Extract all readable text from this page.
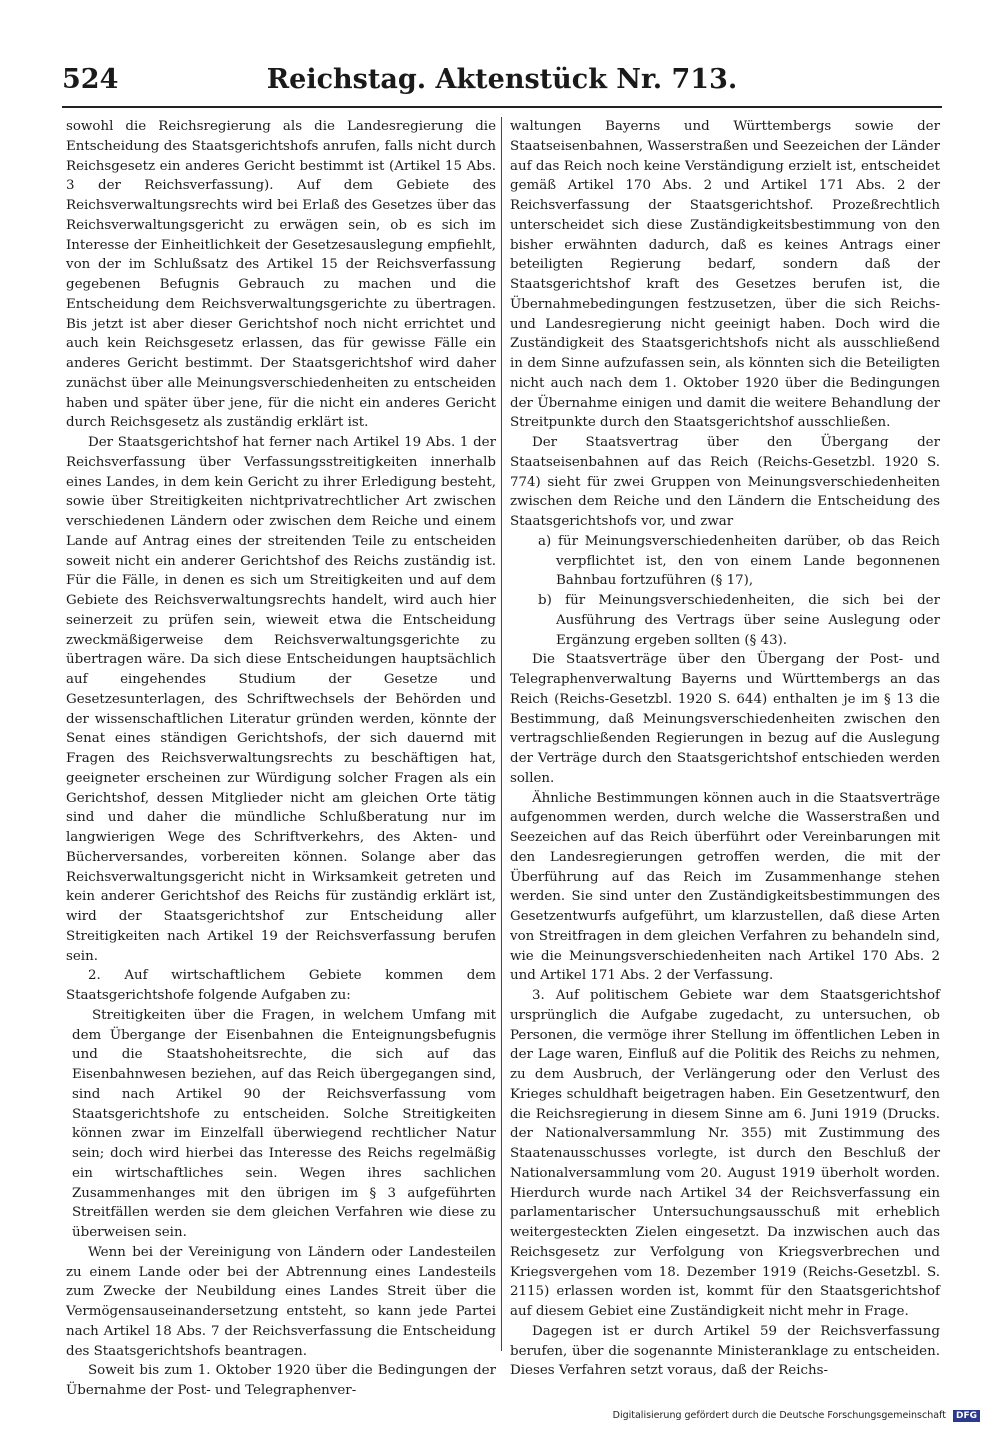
524	Reichstag. Aktenstück Nr. 713.

sowohl die Reichsregierung als die Landesregierung die Entscheidung des Staatsgerichtshofs anrufen, falls nicht durch Reichsgesetz ein anderes Gericht bestimmt ist (Artikel 15 Abs. 3 der Reichsverfassung). Auf dem Gebiete des Reichsverwaltungsrechts wird bei Erlaß des Gesetzes über das Reichsverwaltungsgericht zu erwägen sein, ob es sich im Interesse der Einheitlichkeit der Gesetzesauslegung empfiehlt, von der im Schlußsatz des Artikel 15 der Reichsverfassung gegebenen Befugnis Gebrauch zu machen und die Entscheidung dem Reichsverwaltungsgerichte zu übertragen. Bis jetzt ist aber dieser Gerichtshof noch nicht errichtet und auch kein Reichsgesetz erlassen, das für gewisse Fälle ein anderes Gericht bestimmt. Der Staatsgerichtshof wird daher zunächst über alle Meinungsverschiedenheiten zu entscheiden haben und später über jene, für die nicht ein anderes Gericht durch Reichsgesetz als zuständig erklärt ist.

Der Staatsgerichtshof hat ferner nach Artikel 19 Abs. 1 der Reichsverfassung über Verfassungsstreitigkeiten innerhalb eines Landes, in dem kein Gericht zu ihrer Erledigung besteht, sowie über Streitigkeiten nichtprivatrechtlicher Art zwischen verschiedenen Ländern oder zwischen dem Reiche und einem Lande auf Antrag eines der streitenden Teile zu entscheiden soweit nicht ein anderer Gerichtshof des Reichs zuständig ist. Für die Fälle, in denen es sich um Streitigkeiten und auf dem Gebiete des Reichsverwaltungsrechts handelt, wird auch hier seinerzeit zu prüfen sein, wieweit etwa die Entscheidung zweckmäßigerweise dem Reichsverwaltungsgerichte zu übertragen wäre. Da sich diese Entscheidungen hauptsächlich auf eingehendes Studium der Gesetze und Gesetzesunterlagen, des Schriftwechsels der Behörden und der wissenschaftlichen Literatur gründen werden, könnte der Senat eines ständigen Gerichtshofs, der sich dauernd mit Fragen des Reichsverwaltungsrechts zu beschäftigen hat, geeigneter erscheinen zur Würdigung solcher Fragen als ein Gerichtshof, dessen Mitglieder nicht am gleichen Orte tätig sind und daher die mündliche Schlußberatung nur im langwierigen Wege des Schriftverkehrs, des Akten- und Bücherversandes, vorbereiten können. Solange aber das Reichsverwaltungsgericht nicht in Wirksamkeit getreten und kein anderer Gerichtshof des Reichs für zuständig erklärt ist, wird der Staatsgerichtshof zur Entscheidung aller Streitigkeiten nach Artikel 19 der Reichsverfassung berufen sein.

2. Auf wirtschaftlichem Gebiete kommen dem Staatsgerichtshofe folgende Aufgaben zu:

Streitigkeiten über die Fragen, in welchem Umfang mit dem Übergange der Eisenbahnen die Enteignungsbefugnis und die Staatshoheitsrechte, die sich auf das Eisenbahnwesen beziehen, auf das Reich übergegangen sind, sind nach Artikel 90 der Reichsverfassung vom Staatsgerichtshofe zu entscheiden. Solche Streitigkeiten können zwar im Einzelfall überwiegend rechtlicher Natur sein; doch wird hierbei das Interesse des Reichs regelmäßig ein wirtschaftliches sein. Wegen ihres sachlichen Zusammenhanges mit den übrigen im § 3 aufgeführten Streitfällen werden sie dem gleichen Verfahren wie diese zu überweisen sein.

Wenn bei der Vereinigung von Ländern oder Landesteilen zu einem Lande oder bei der Abtrennung eines Landesteils zum Zwecke der Neubildung eines Landes Streit über die Vermögensauseinandersetzung entsteht, so kann jede Partei nach Artikel 18 Abs. 7 der Reichsverfassung die Entscheidung des Staatsgerichtshofs beantragen.

Soweit bis zum 1. Oktober 1920 über die Bedingungen der Übernahme der Post- und Telegraphenver-

waltungen Bayerns und Württembergs sowie der Staatseisenbahnen, Wasserstraßen und Seezeichen der Länder auf das Reich noch keine Verständigung erzielt ist, entscheidet gemäß Artikel 170 Abs. 2 und Artikel 171 Abs. 2 der Reichsverfassung der Staatsgerichtshof. Prozeßrechtlich unterscheidet sich diese Zuständigkeitsbestimmung von den bisher erwähnten dadurch, daß es keines Antrags einer beteiligten Regierung bedarf, sondern daß der Staatsgerichtshof kraft des Gesetzes berufen ist, die Übernahmebedingungen festzusetzen, über die sich Reichs- und Landesregierung nicht geeinigt haben. Doch wird die Zuständigkeit des Staatsgerichtshofs nicht als ausschließend in dem Sinne aufzufassen sein, als könnten sich die Beteiligten nicht auch nach dem 1. Oktober 1920 über die Bedingungen der Übernahme einigen und damit die weitere Behandlung der Streitpunkte durch den Staatsgerichtshof ausschließen.

Der Staatsvertrag über den Übergang der Staatseisenbahnen auf das Reich (Reichs-Gesetzbl. 1920 S. 774) sieht für zwei Gruppen von Meinungsverschiedenheiten zwischen dem Reiche und den Ländern die Entscheidung des Staatsgerichtshofs vor, und zwar

a) für Meinungsverschiedenheiten darüber, ob das Reich verpflichtet ist, den von einem Lande begonnenen Bahnbau fortzuführen (§ 17),

b) für Meinungsverschiedenheiten, die sich bei der Ausführung des Vertrags über seine Auslegung oder Ergänzung ergeben sollten (§ 43).

Die Staatsverträge über den Übergang der Post- und Telegraphenverwaltung Bayerns und Württembergs an das Reich (Reichs-Gesetzbl. 1920 S. 644) enthalten je im § 13 die Bestimmung, daß Meinungsverschiedenheiten zwischen den vertragschließenden Regierungen in bezug auf die Auslegung der Verträge durch den Staatsgerichtshof entschieden werden sollen.

Ähnliche Bestimmungen können auch in die Staatsverträge aufgenommen werden, durch welche die Wasserstraßen und Seezeichen auf das Reich überführt oder Vereinbarungen mit den Landesregierungen getroffen werden, die mit der Überführung auf das Reich im Zusammenhange stehen werden. Sie sind unter den Zuständigkeitsbestimmungen des Gesetzentwurfs aufgeführt, um klarzustellen, daß diese Arten von Streitfragen in dem gleichen Verfahren zu behandeln sind, wie die Meinungsverschiedenheiten nach Artikel 170 Abs. 2 und Artikel 171 Abs. 2 der Verfassung.

3. Auf politischem Gebiete war dem Staatsgerichtshof ursprünglich die Aufgabe zugedacht, zu untersuchen, ob Personen, die vermöge ihrer Stellung im öffentlichen Leben in der Lage waren, Einfluß auf die Politik des Reichs zu nehmen, zu dem Ausbruch, der Verlängerung oder den Verlust des Krieges schuldhaft beigetragen haben. Ein Gesetzentwurf, den die Reichsregierung in diesem Sinne am 6. Juni 1919 (Drucks. der Nationalversammlung Nr. 355) mit Zustimmung des Staatenausschusses vorlegte, ist durch den Beschluß der Nationalversammlung vom 20. August 1919 überholt worden. Hierdurch wurde nach Artikel 34 der Reichsverfassung ein parlamentarischer Untersuchungsausschuß mit erheblich weitergesteckten Zielen eingesetzt. Da inzwischen auch das Reichsgesetz zur Verfolgung von Kriegsverbrechen und Kriegsvergehen vom 18. Dezember 1919 (Reichs-Gesetzbl. S. 2115) erlassen worden ist, kommt für den Staatsgerichtshof auf diesem Gebiet eine Zuständigkeit nicht mehr in Frage.

Dagegen ist er durch Artikel 59 der Reichsverfassung berufen, über die sogenannte Ministeranklage zu entscheiden. Dieses Verfahren setzt voraus, daß der Reichs-

Digitalisierung gefördert durch die Deutsche Forschungsgemeinschaft DFG
